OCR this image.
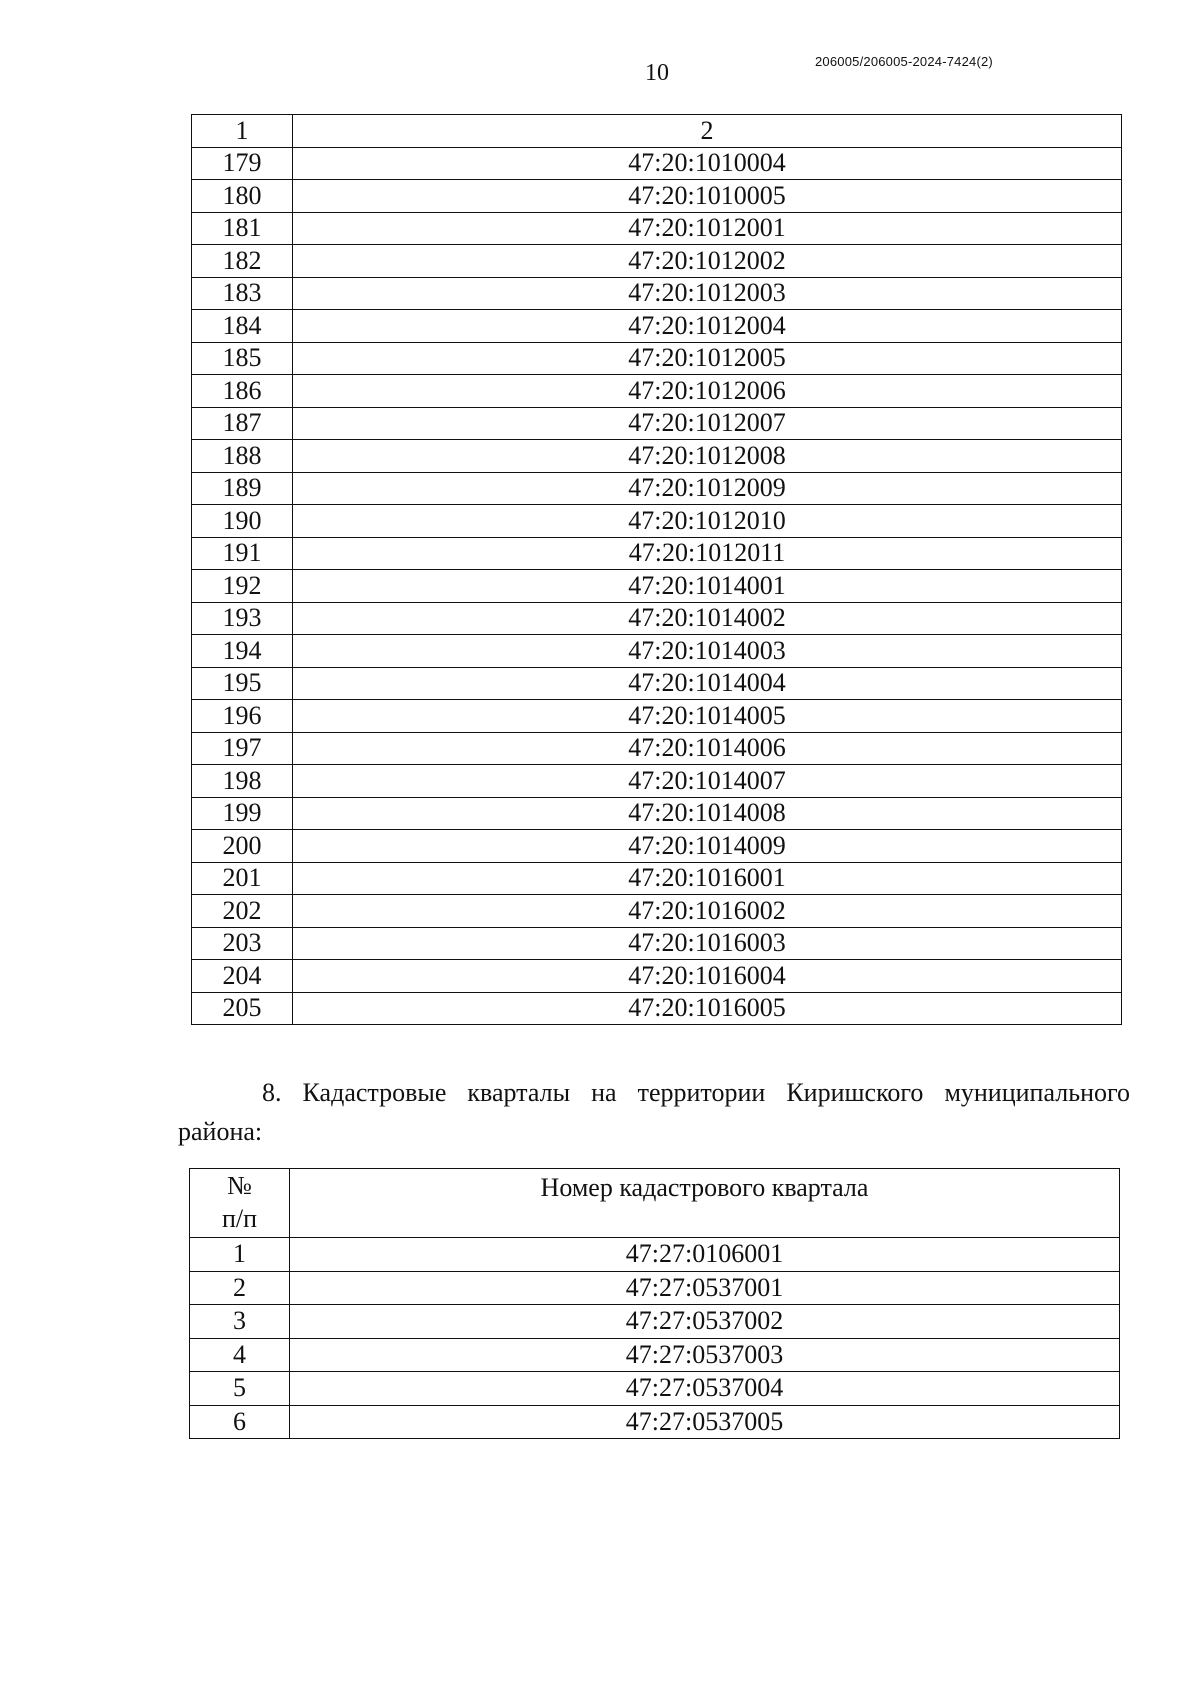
10	206005/206005-2024-7424(2)
1	2
179	47:20:1010004
180	47:20:1010005
181	47:20:1012001
182	47:20:1012002
183	47:20:1012003
184	47:20:1012004
185	47:20:1012005
186	47:20:1012006
187	47:20:1012007
188	47:20:1012008
189	47:20:1012009
190	47:20:1012010
191	47:20:1012011
192	47:20:1014001
193	47:20:1014002
194	47:20:1014003
195	47:20:1014004
196	47:20:1014005
197	47:20:1014006
198	47:20:1014007
199	47:20:1014008
200	47:20:1014009
201	47:20:1016001
202	47:20:1016002
203	47:20:1016003
204	47:20:1016004
205	47:20:1016005
8. Кадастровые кварталы на территории Киришского муниципального района:
№
п/п	Номер кадастрового квартала
1	47:27:0106001
2	47:27:0537001
3	47:27:0537002
4	47:27:0537003
5	47:27:0537004
6	47:27:0537005
